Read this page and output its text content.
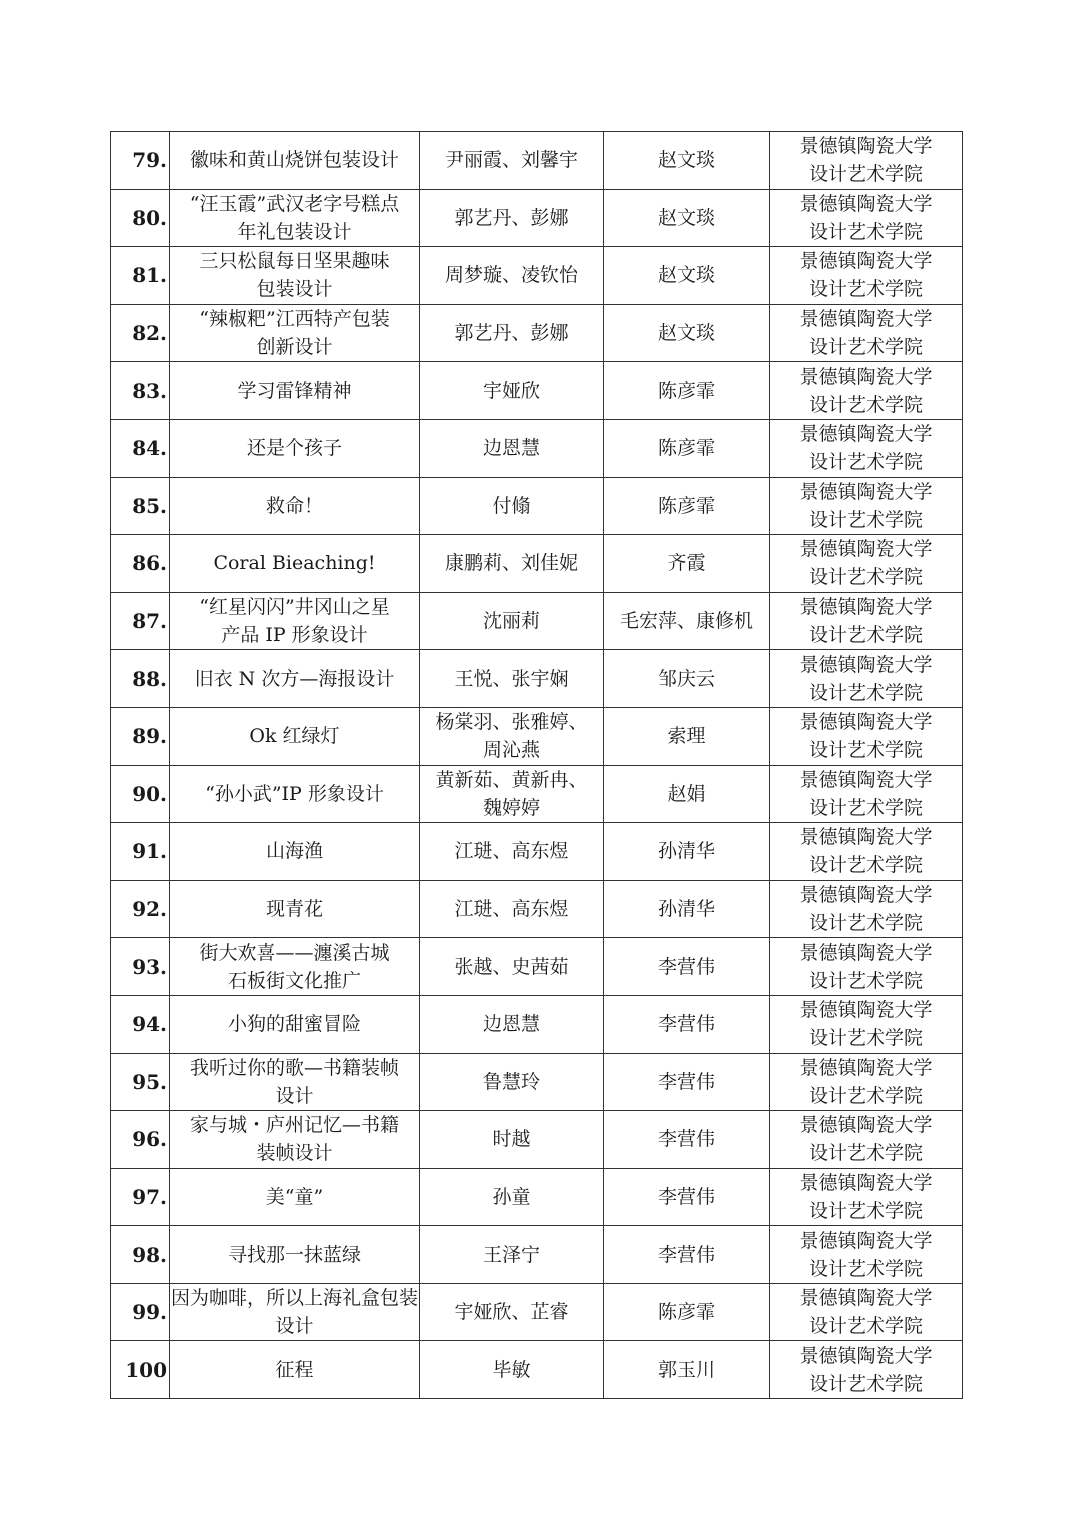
79.	徽味和黄山烧饼包装设计	尹丽霞、刘馨宇	赵文琰	景德镇陶瓷大学
设计艺术学院

80.	“汪玉霞”武汉老字号糕点
年礼包装设计	郭艺丹、彭娜	赵文琰	景德镇陶瓷大学
设计艺术学院

81.	三只松鼠每日坚果趣味
包装设计	周梦璇、凌钦怡	赵文琰	景德镇陶瓷大学
设计艺术学院

82.	“辣椒粑”江西特产包装
创新设计	郭艺丹、彭娜	赵文琰	景德镇陶瓷大学
设计艺术学院

83.	学习雷锋精神	宇娅欣	陈彦霏	景德镇陶瓷大学
设计艺术学院

84.	还是个孩子	边恩慧	陈彦霏	景德镇陶瓷大学
设计艺术学院

85.	救命！	付翛	陈彦霏	景德镇陶瓷大学
设计艺术学院

86.	Coral Bieaching!	康鹏莉、刘佳妮	齐霞	景德镇陶瓷大学
设计艺术学院

87.	“红星闪闪”井冈山之星
产品 IP 形象设计	沈丽莉	毛宏萍、康修机	景德镇陶瓷大学
设计艺术学院

88.	旧衣 N 次方—海报设计	王悦、张宇娴	邹庆云	景德镇陶瓷大学
设计艺术学院

89.	Ok 红绿灯	杨棠羽、张雅婷、
周沁燕	索理	景德镇陶瓷大学
设计艺术学院

90.	“孙小武”IP 形象设计	黄新茹、黄新冉、
魏婷婷	赵娟	景德镇陶瓷大学
设计艺术学院

91.	山海渔	江琎、高东煜	孙清华	景德镇陶瓷大学
设计艺术学院

92.	现青花	江琎、高东煜	孙清华	景德镇陶瓷大学
设计艺术学院

93.	街大欢喜——瀍溪古城
石板街文化推广	张越、史茜茹	李营伟	景德镇陶瓷大学
设计艺术学院

94.	小狗的甜蜜冒险	边恩慧	李营伟	景德镇陶瓷大学
设计艺术学院

95.	我听过你的歌—书籍装帧
设计	鲁慧玲	李营伟	景德镇陶瓷大学
设计艺术学院

96.	家与城・庐州记忆—书籍
装帧设计	时越	李营伟	景德镇陶瓷大学
设计艺术学院

97.	美“童”	孙童	李营伟	景德镇陶瓷大学
设计艺术学院

98.	寻找那一抹蓝绿	王泽宁	李营伟	景德镇陶瓷大学
设计艺术学院

99.	因为咖啡，所以上海礼盒包装
设计	宇娅欣、芷睿	陈彦霏	景德镇陶瓷大学
设计艺术学院

100	征程	毕敏	郭玉川	景德镇陶瓷大学
设计艺术学院
